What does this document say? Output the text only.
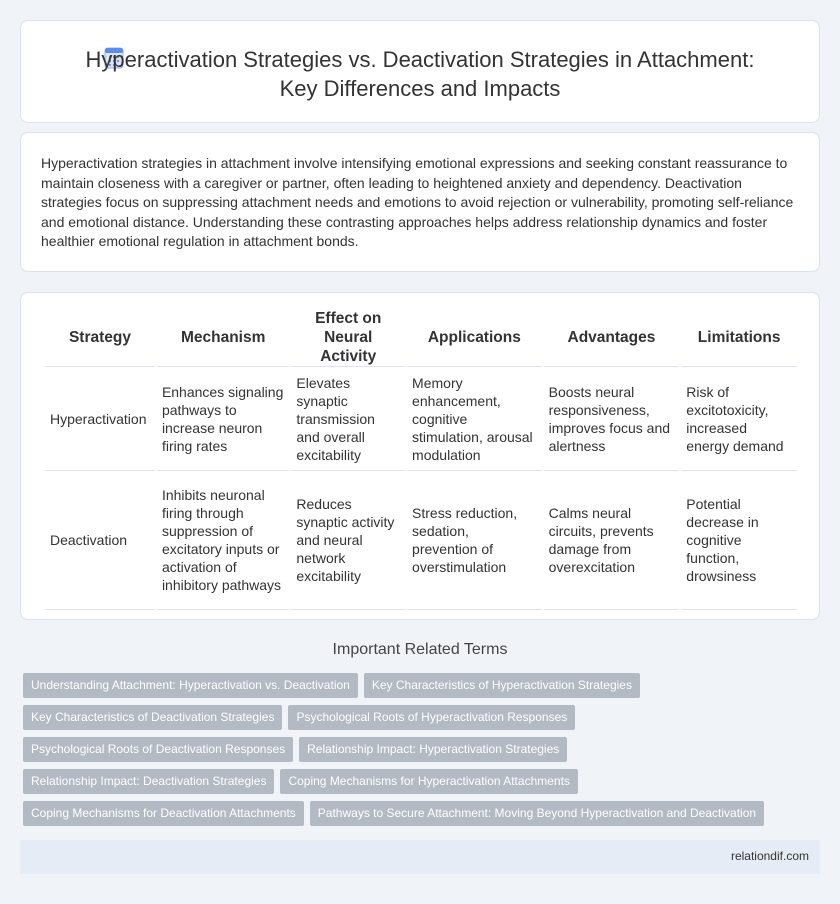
Hyperactivation Strategies vs. Deactivation Strategies in Attachment: Key Differences and Impacts

Hyperactivation strategies in attachment involve intensifying emotional expressions and seeking constant reassurance to maintain closeness with a caregiver or partner, often leading to heightened anxiety and dependency. Deactivation strategies focus on suppressing attachment needs and emotions to avoid rejection or vulnerability, promoting self-reliance and emotional distance. Understanding these contrasting approaches helps address relationship dynamics and foster healthier emotional regulation in attachment bonds.

Strategy	Mechanism	Effect on Neural Activity	Applications	Advantages	Limitations
Hyperactivation	Enhances signaling pathways to increase neuron firing rates	Elevates synaptic transmission and overall excitability	Memory enhancement, cognitive stimulation, arousal modulation	Boosts neural responsiveness, improves focus and alertness	Risk of excitotoxicity, increased energy demand
Deactivation	Inhibits neuronal firing through suppression of excitatory inputs or activation of inhibitory pathways	Reduces synaptic activity and neural network excitability	Stress reduction, sedation, prevention of overstimulation	Calms neural circuits, prevents damage from overexcitation	Potential decrease in cognitive function, drowsiness
Important Related Terms
Understanding Attachment: Hyperactivation vs. Deactivation Key Characteristics of Hyperactivation Strategies
Key Characteristics of Deactivation Strategies Psychological Roots of Hyperactivation Responses
Psychological Roots of Deactivation Responses Relationship Impact: Hyperactivation Strategies
Relationship Impact: Deactivation Strategies Coping Mechanisms for Hyperactivation Attachments
Coping Mechanisms for Deactivation Attachments Pathways to Secure Attachment: Moving Beyond Hyperactivation and Deactivation
relationdif.com
